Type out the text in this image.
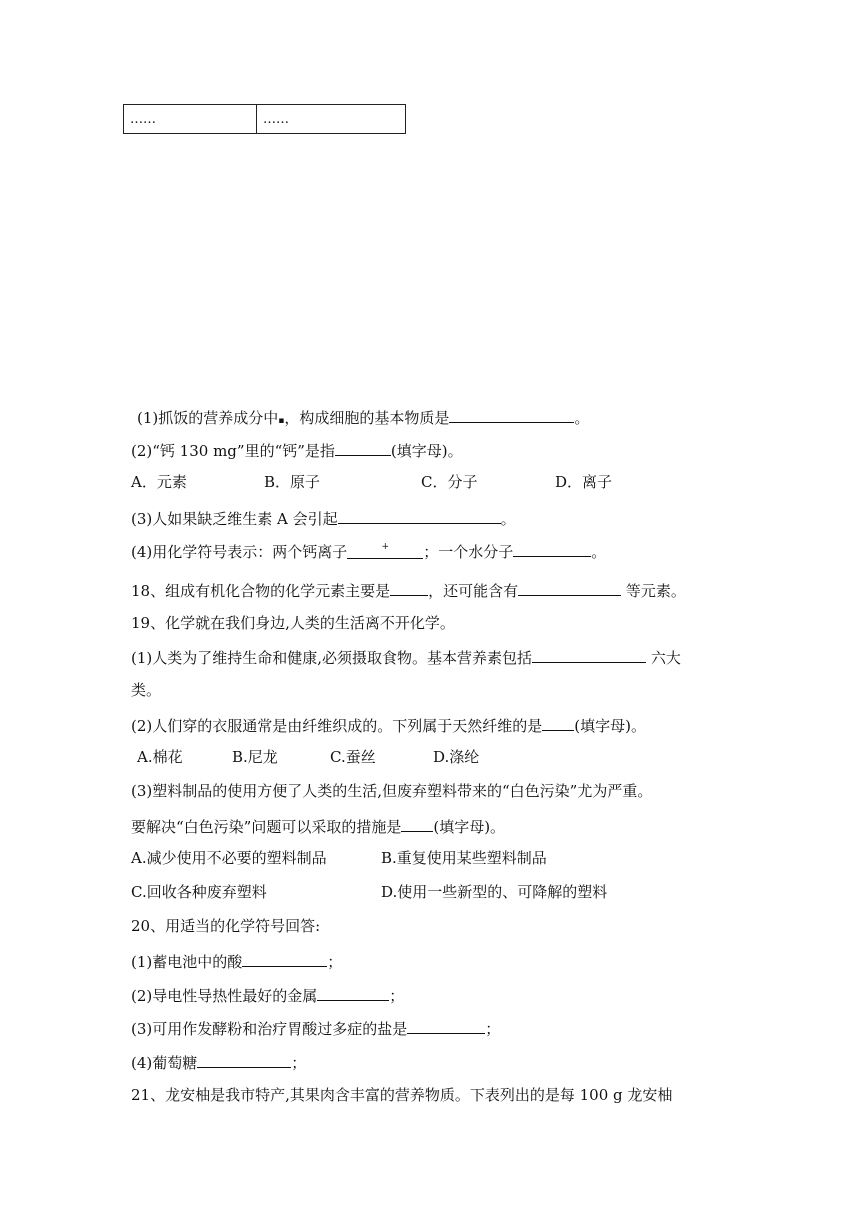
……	……
(1)抓饭的营养成分中▪，构成细胞的基本物质是	。
(2)“钙 130 mg”里的“钙”是指	(填字母)。
A．元素	B．原子	C．分子	D．离子
(3)人如果缺乏维生素 A 会引起	。
(4)用化学符号表示：两个钙离子	+ ；一个水分子	。
18、组成有机化合物的化学元素主要是	，还可能含有	等元素。
19、化学就在我们身边,人类的生活离不开化学。
(1)人类为了维持生命和健康,必须摄取食物。基本营养素包括	六大
类。
(2)人们穿的衣服通常是由纤维织成的。下列属于天然纤维的是 (填字母)。
A.棉花	B.尼龙	C.蚕丝	D.涤纶
(3)塑料制品的使用方便了人类的生活,但废弃塑料带来的“白色污染”尤为严重。
要解决“白色污染”问题可以采取的措施是 (填字母)。
A.减少使用不必要的塑料制品	B.重复使用某些塑料制品
C.回收各种废弃塑料	D.使用一些新型的、可降解的塑料
20、用适当的化学符号回答:
(1)蓄电池中的酸	；
(2)导电性导热性最好的金属	；
(3)可用作发酵粉和治疗胃酸过多症的盐是	；
(4)葡萄糖	；
21、龙安柚是我市特产,其果肉含丰富的营养物质。下表列出的是每 100 g 龙安柚
